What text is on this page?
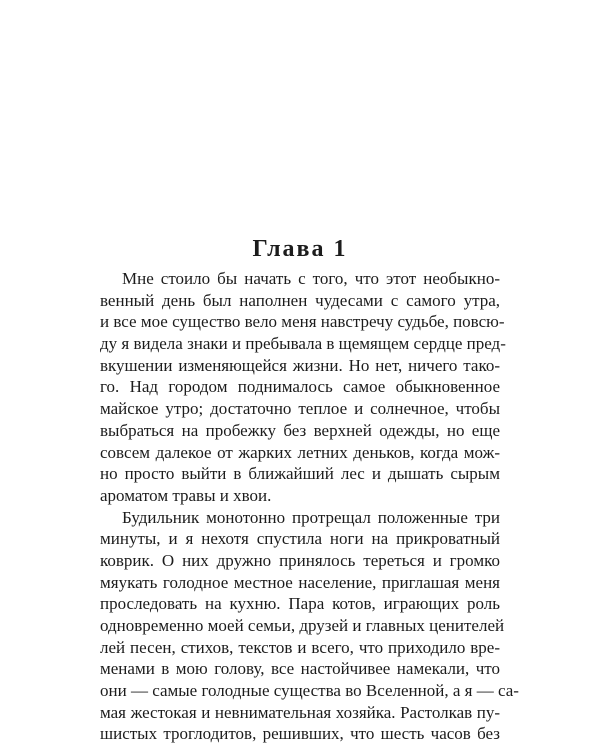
Глава 1

Мне стоило бы начать с того, что этот необыкно-
венный день был наполнен чудесами с самого утра,
и все мое существо вело меня навстречу судьбе, повсю-
ду я видела знаки и пребывала в щемящем сердце пред-
вкушении изменяющейся жизни. Но нет, ничего тако-
го. Над городом поднималось самое обыкновенное
майское утро; достаточно теплое и солнечное, чтобы
выбраться на пробежку без верхней одежды, но еще
совсем далекое от жарких летних деньков, когда мож-
но просто выйти в ближайший лес и дышать сырым
ароматом травы и хвои.

Будильник монотонно протрещал положенные три
минуты, и я нехотя спустила ноги на прикроватный
коврик. О них дружно принялось тереться и громко
мяукать голодное местное население, приглашая меня
проследовать на кухню. Пара котов, играющих роль
одновременно моей семьи, друзей и главных ценителей
лей песен, стихов, текстов и всего, что приходило вре-
менами в мою голову, все настойчивее намекали, что
они — самые голодные существа во Вселенной, а я — са-
мая жестокая и невнимательная хозяйка. Растолкав пу-
шистых троглодитов, решивших, что шесть часов без
